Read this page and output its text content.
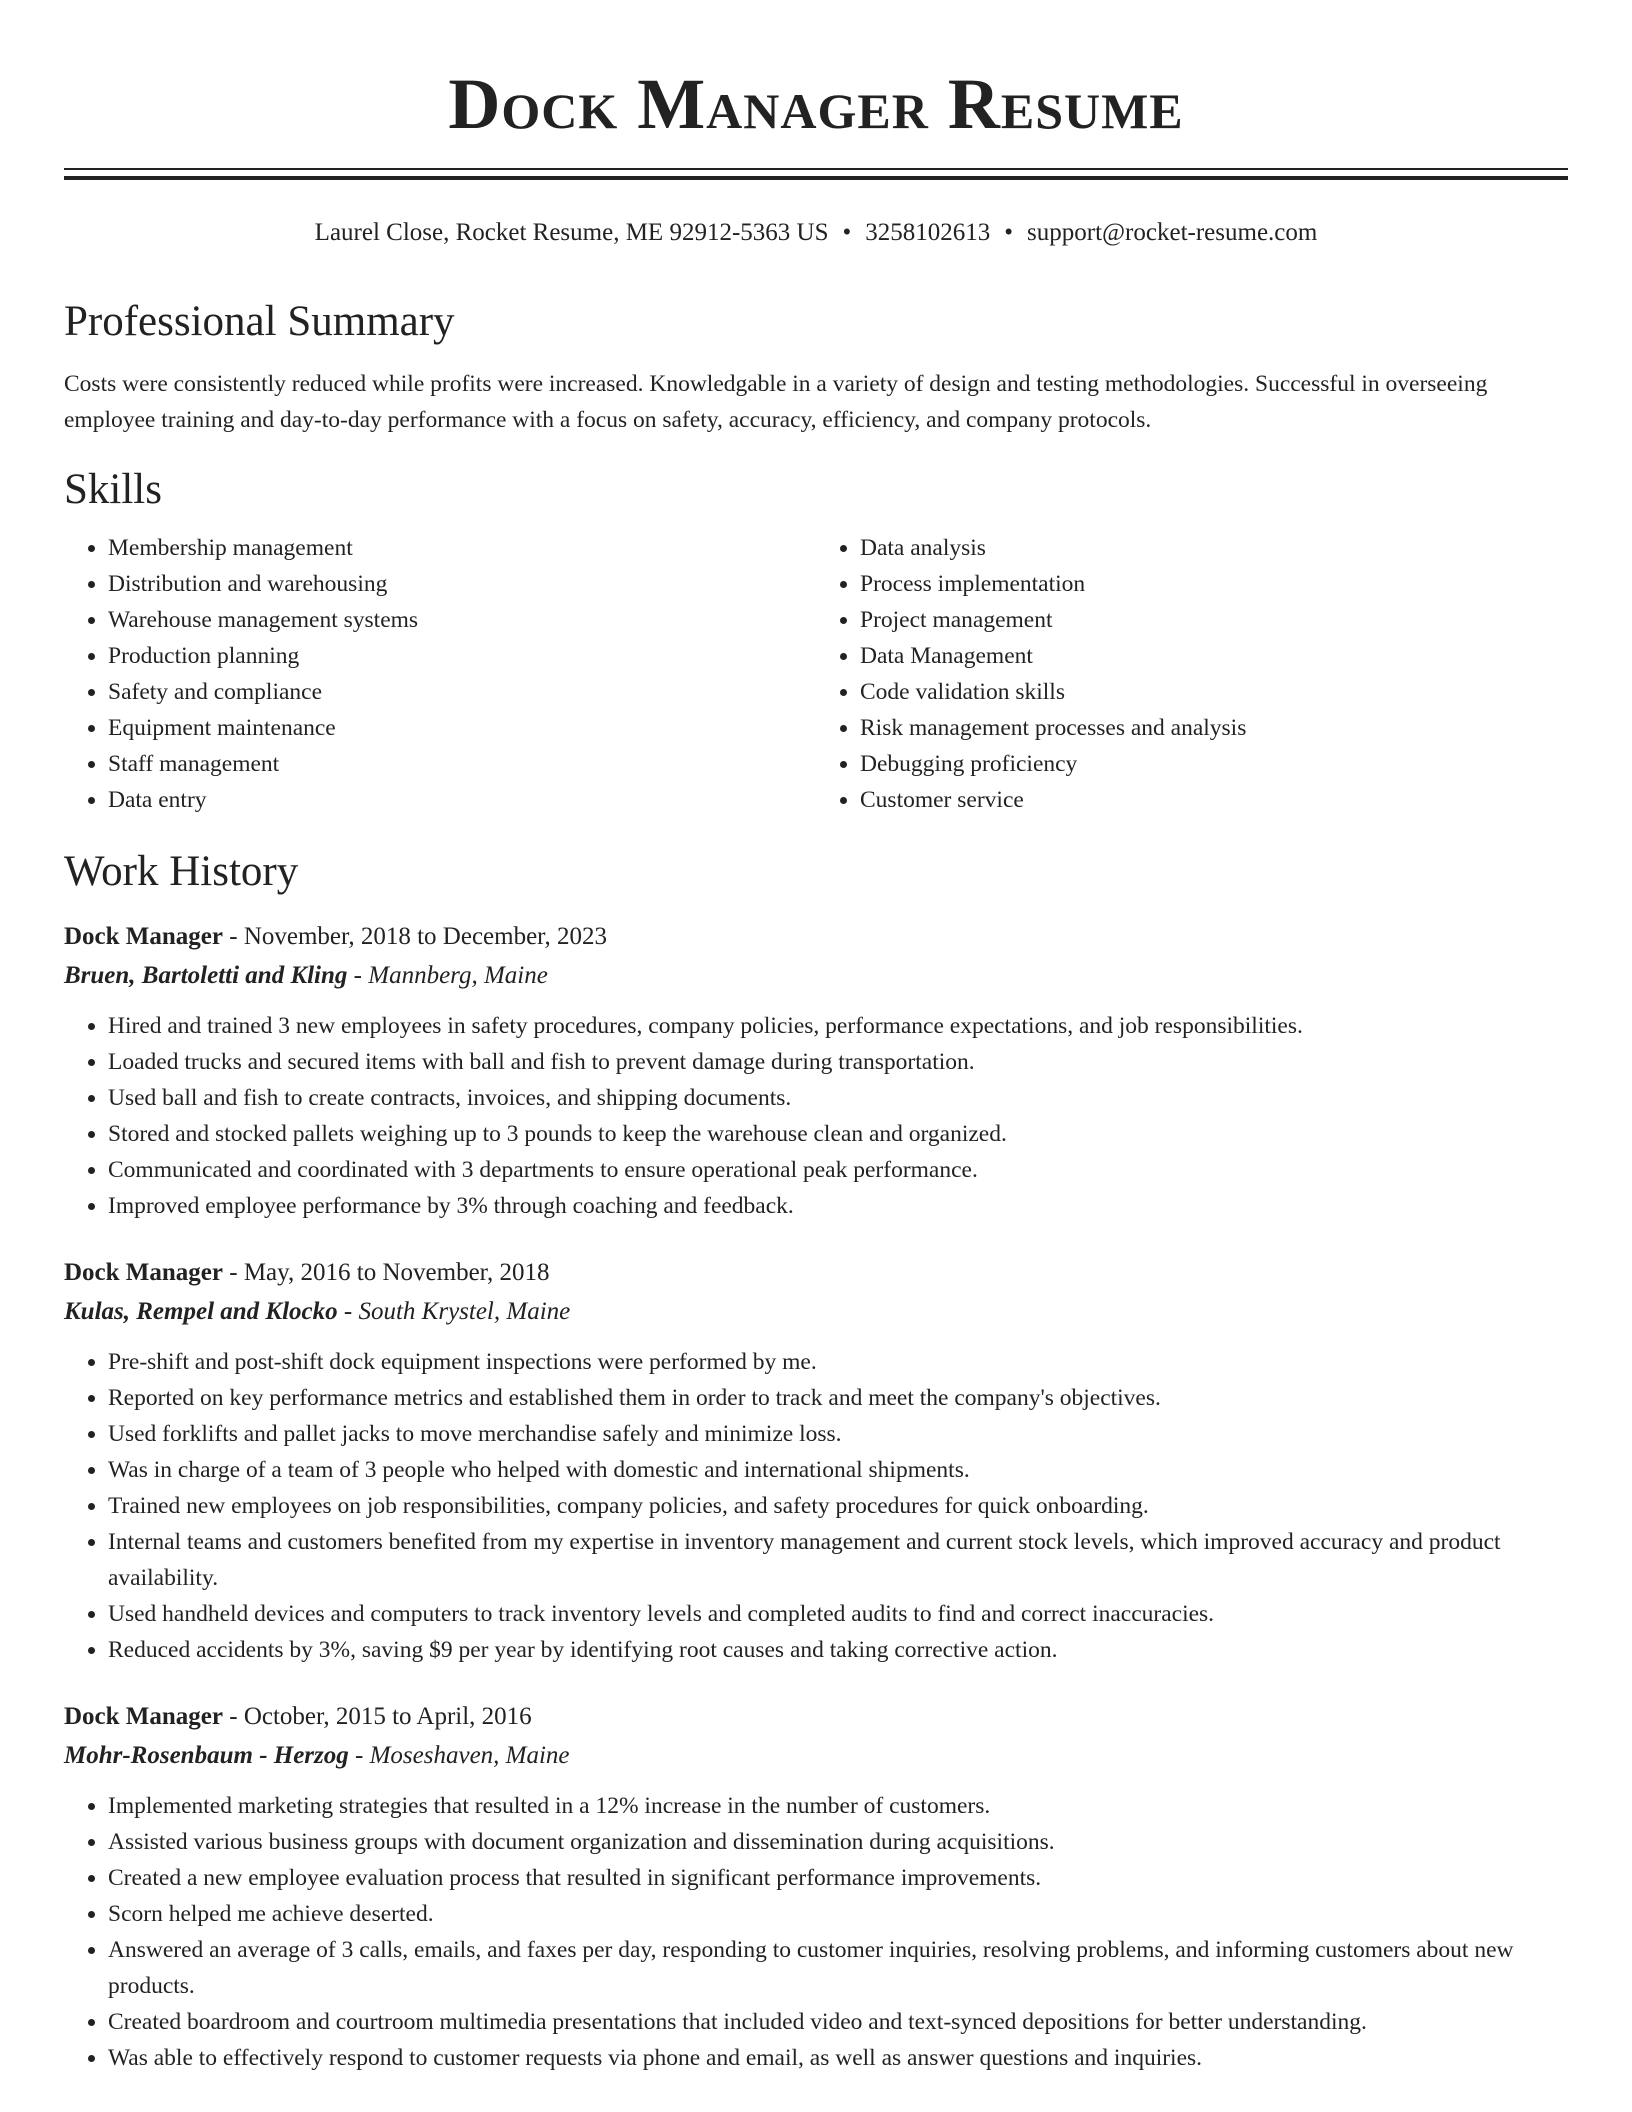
Dock Manager Resume
Laurel Close, Rocket Resume, ME 92912-5363 US • 3258102613 • support@rocket-resume.com
Professional Summary
Costs were consistently reduced while profits were increased. Knowledgable in a variety of design and testing methodologies. Successful in overseeing employee training and day-to-day performance with a focus on safety, accuracy, efficiency, and company protocols.
Skills
• Membership management
• Distribution and warehousing
• Warehouse management systems
• Production planning
• Safety and compliance
• Equipment maintenance
• Staff management
• Data entry
• Data analysis
• Process implementation
• Project management
• Data Management
• Code validation skills
• Risk management processes and analysis
• Debugging proficiency
• Customer service
Work History
Dock Manager - November, 2018 to December, 2023
Bruen, Bartoletti and Kling - Mannberg, Maine
• Hired and trained 3 new employees in safety procedures, company policies, performance expectations, and job responsibilities.
• Loaded trucks and secured items with ball and fish to prevent damage during transportation.
• Used ball and fish to create contracts, invoices, and shipping documents.
• Stored and stocked pallets weighing up to 3 pounds to keep the warehouse clean and organized.
• Communicated and coordinated with 3 departments to ensure operational peak performance.
• Improved employee performance by 3% through coaching and feedback.
Dock Manager - May, 2016 to November, 2018
Kulas, Rempel and Klocko - South Krystel, Maine
• Pre-shift and post-shift dock equipment inspections were performed by me.
• Reported on key performance metrics and established them in order to track and meet the company's objectives.
• Used forklifts and pallet jacks to move merchandise safely and minimize loss.
• Was in charge of a team of 3 people who helped with domestic and international shipments.
• Trained new employees on job responsibilities, company policies, and safety procedures for quick onboarding.
• Internal teams and customers benefited from my expertise in inventory management and current stock levels, which improved accuracy and product availability.
• Used handheld devices and computers to track inventory levels and completed audits to find and correct inaccuracies.
• Reduced accidents by 3%, saving $9 per year by identifying root causes and taking corrective action.
Dock Manager - October, 2015 to April, 2016
Mohr-Rosenbaum - Herzog - Moseshaven, Maine
• Implemented marketing strategies that resulted in a 12% increase in the number of customers.
• Assisted various business groups with document organization and dissemination during acquisitions.
• Created a new employee evaluation process that resulted in significant performance improvements.
• Scorn helped me achieve deserted.
• Answered an average of 3 calls, emails, and faxes per day, responding to customer inquiries, resolving problems, and informing customers about new products.
• Created boardroom and courtroom multimedia presentations that included video and text-synced depositions for better understanding.
• Was able to effectively respond to customer requests via phone and email, as well as answer questions and inquiries.
